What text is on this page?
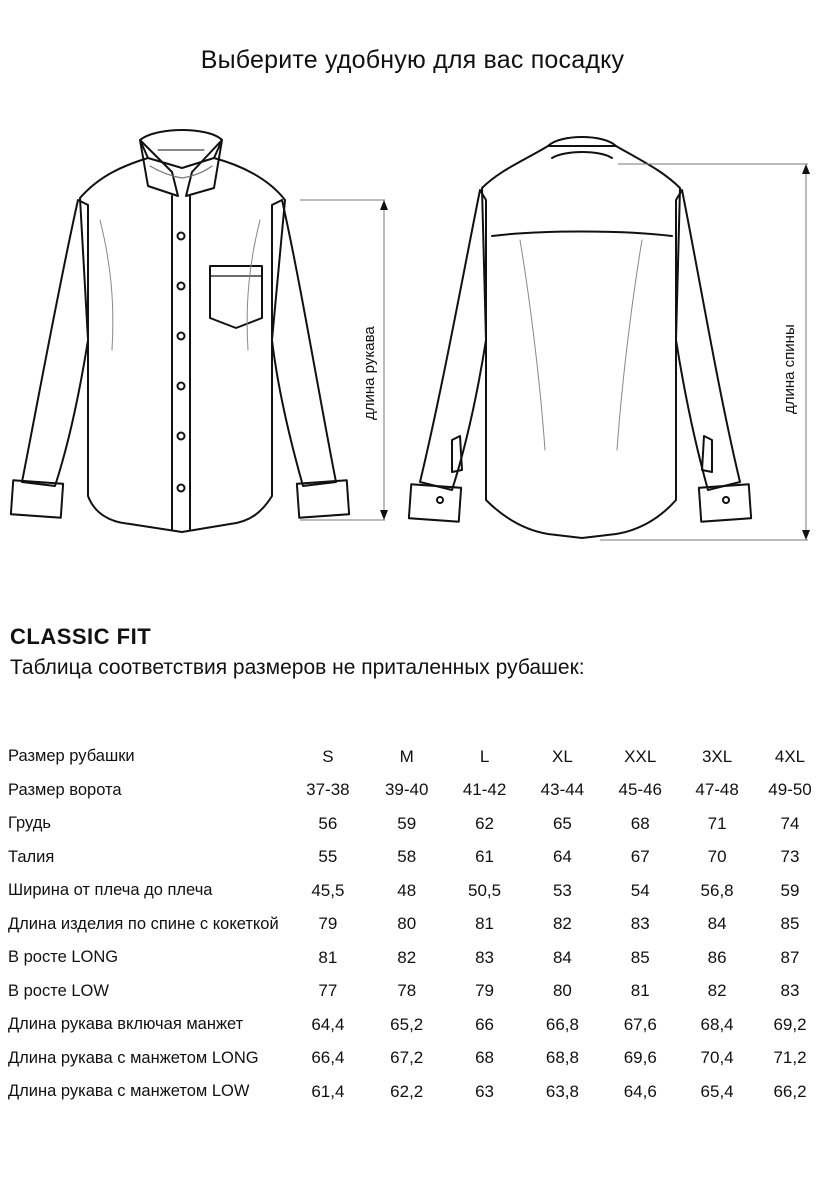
Выберите удобную для вас посадку
длина рукава	длина спины
CLASSIC FIT
Таблица соответствия размеров не приталенных рубашек:
Размер рубашки	S	M	L	XL	XXL	3XL	4XL
Размер ворота	37-38	39-40	41-42	43-44	45-46	47-48	49-50
Грудь	56	59	62	65	68	71	74
Талия	55	58	61	64	67	70	73
Ширина от плеча до плеча	45,5	48	50,5	53	54	56,8	59
Длина изделия по спине с кокеткой	79	80	81	82	83	84	85
В росте LONG	81	82	83	84	85	86	87
В росте LOW	77	78	79	80	81	82	83
Длина рукава включая манжет	64,4	65,2	66	66,8	67,6	68,4	69,2
Длина рукава с манжетом LONG	66,4	67,2	68	68,8	69,6	70,4	71,2
Длина рукава с манжетом LOW	61,4	62,2	63	63,8	64,6	65,4	66,2
